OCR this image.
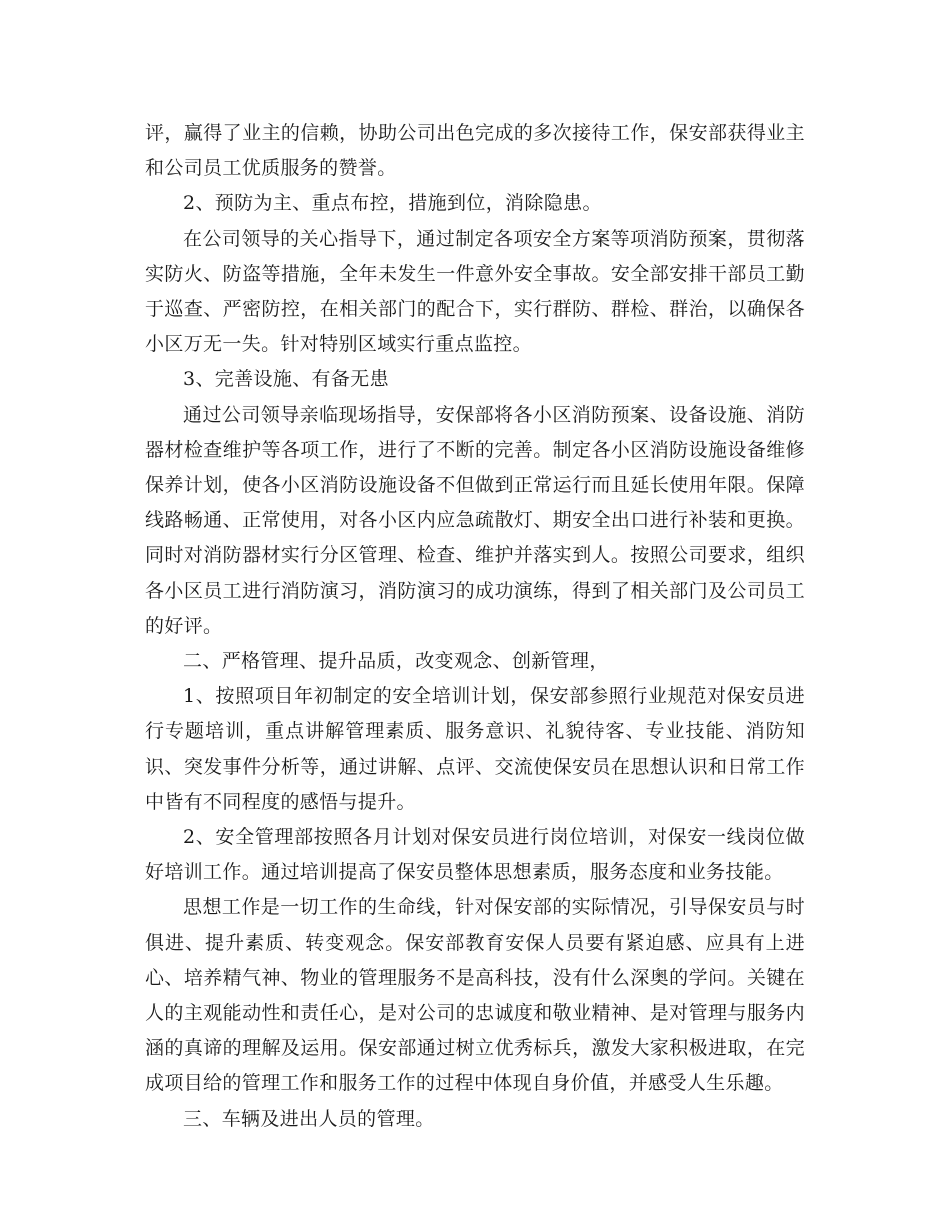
评，赢得了业主的信赖，协助公司出色完成的多次接待工作，保安部获得业主和公司员工优质服务的赞誉。

2、预防为主、重点布控，措施到位，消除隐患。

在公司领导的关心指导下，通过制定各项安全方案等项消防预案，贯彻落实防火、防盗等措施，全年未发生一件意外安全事故。安全部安排干部员工勤于巡查、严密防控，在相关部门的配合下，实行群防、群检、群治，以确保各小区万无一失。针对特别区域实行重点监控。

3、完善设施、有备无患

通过公司领导亲临现场指导，安保部将各小区消防预案、设备设施、消防器材检查维护等各项工作，进行了不断的完善。制定各小区消防设施设备维修保养计划，使各小区消防设施设备不但做到正常运行而且延长使用年限。保障线路畅通、正常使用，对各小区内应急疏散灯、期安全出口进行补装和更换。同时对消防器材实行分区管理、检查、维护并落实到人。按照公司要求，组织各小区员工进行消防演习，消防演习的成功演练，得到了相关部门及公司员工的好评。

二、严格管理、提升品质，改变观念、创新管理，

1、按照项目年初制定的安全培训计划，保安部参照行业规范对保安员进行专题培训，重点讲解管理素质、服务意识、礼貌待客、专业技能、消防知识、突发事件分析等，通过讲解、点评、交流使保安员在思想认识和日常工作中皆有不同程度的感悟与提升。

2、安全管理部按照各月计划对保安员进行岗位培训，对保安一线岗位做好培训工作。通过培训提高了保安员整体思想素质，服务态度和业务技能。

思想工作是一切工作的生命线，针对保安部的实际情况，引导保安员与时俱进、提升素质、转变观念。保安部教育安保人员要有紧迫感、应具有上进心、培养精气神、物业的管理服务不是高科技，没有什么深奥的学问。关键在人的主观能动性和责任心，是对公司的忠诚度和敬业精神、是对管理与服务内涵的真谛的理解及运用。保安部通过树立优秀标兵，激发大家积极进取，在完成项目给的管理工作和服务工作的过程中体现自身价值，并感受人生乐趣。

三、车辆及进出人员的管理。
